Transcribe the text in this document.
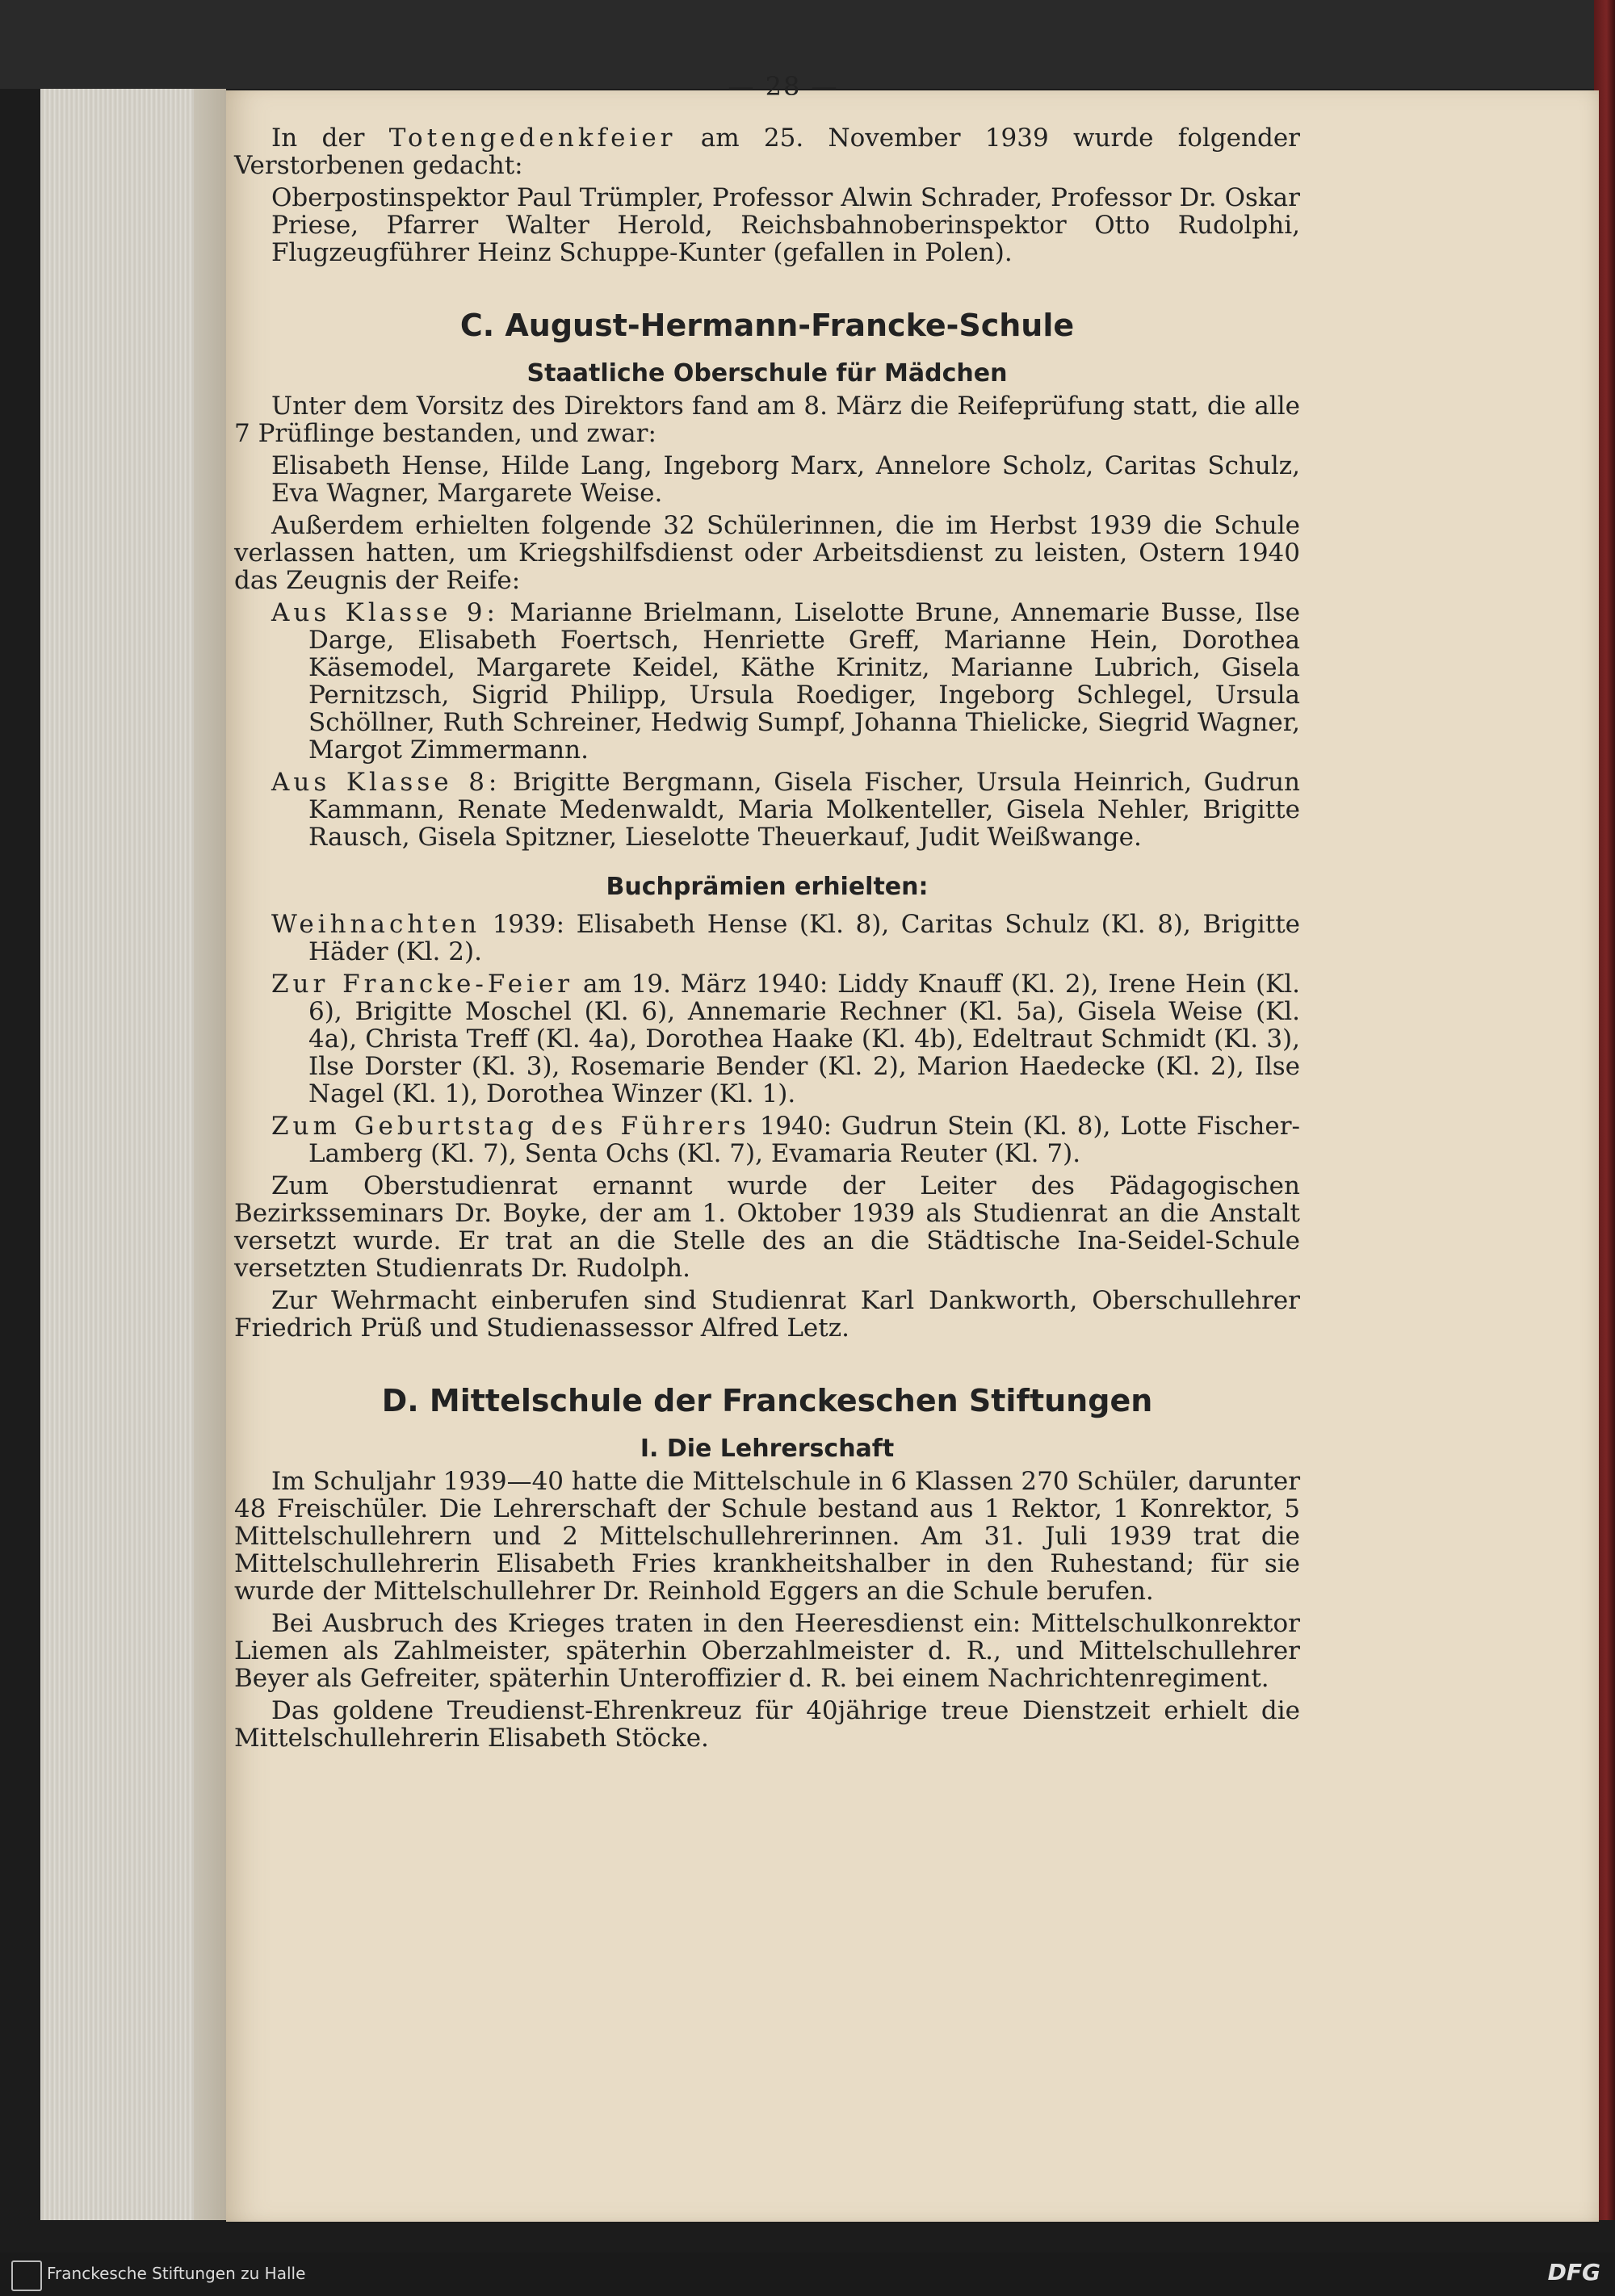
— 28 —

In der Totengedenkfeier am 25. November 1939 wurde folgender Verstorbenen gedacht:

Oberpostinspektor Paul Trümpler, Professor Alwin Schrader, Professor Dr. Oskar Priese, Pfarrer Walter Herold, Reichsbahnoberinspektor Otto Rudolphi, Flugzeugführer Heinz Schuppe-Kunter (gefallen in Polen).

C. August-Hermann-Francke-Schule
Staatliche Oberschule für Mädchen

Unter dem Vorsitz des Direktors fand am 8. März die Reifeprüfung statt, die alle 7 Prüflinge bestanden, und zwar:

Elisabeth Hense, Hilde Lang, Ingeborg Marx, Annelore Scholz, Caritas Schulz, Eva Wagner, Margarete Weise.

Außerdem erhielten folgende 32 Schülerinnen, die im Herbst 1939 die Schule verlassen hatten, um Kriegshilfsdienst oder Arbeitsdienst zu leisten, Ostern 1940 das Zeugnis der Reife:

Aus Klasse 9: Marianne Brielmann, Liselotte Brune, Annemarie Busse, Ilse Darge, Elisabeth Foertsch, Henriette Greff, Marianne Hein, Dorothea Käsemodel, Margarete Keidel, Käthe Krinitz, Marianne Lubrich, Gisela Pernitzsch, Sigrid Philipp, Ursula Roediger, Ingeborg Schlegel, Ursula Schöllner, Ruth Schreiner, Hedwig Sumpf, Johanna Thielicke, Siegrid Wagner, Margot Zimmermann.

Aus Klasse 8: Brigitte Bergmann, Gisela Fischer, Ursula Heinrich, Gudrun Kammann, Renate Medenwaldt, Maria Molkenteller, Gisela Nehler, Brigitte Rausch, Gisela Spitzner, Lieselotte Theuerkauf, Judit Weißwange.

Buchprämien erhielten:

Weihnachten 1939: Elisabeth Hense (Kl. 8), Caritas Schulz (Kl. 8), Brigitte Häder (Kl. 2).

Zur Francke-Feier am 19. März 1940: Liddy Knauff (Kl. 2), Irene Hein (Kl. 6), Brigitte Moschel (Kl. 6), Annemarie Rechner (Kl. 5a), Gisela Weise (Kl. 4a), Christa Treff (Kl. 4a), Dorothea Haake (Kl. 4b), Edeltraut Schmidt (Kl. 3), Ilse Dorster (Kl. 3), Rosemarie Bender (Kl. 2), Marion Haedecke (Kl. 2), Ilse Nagel (Kl. 1), Dorothea Winzer (Kl. 1).

Zum Geburtstag des Führers 1940: Gudrun Stein (Kl. 8), Lotte Fischer-Lamberg (Kl. 7), Senta Ochs (Kl. 7), Evamaria Reuter (Kl. 7).

Zum Oberstudienrat ernannt wurde der Leiter des Pädagogischen Bezirksseminars Dr. Boyke, der am 1. Oktober 1939 als Studienrat an die Anstalt versetzt wurde. Er trat an die Stelle des an die Städtische Ina-Seidel-Schule versetzten Studienrats Dr. Rudolph.

Zur Wehrmacht einberufen sind Studienrat Karl Dankworth, Oberschullehrer Friedrich Prüß und Studienassessor Alfred Letz.

D. Mittelschule der Franckeschen Stiftungen
I. Die Lehrerschaft

Im Schuljahr 1939—40 hatte die Mittelschule in 6 Klassen 270 Schüler, darunter 48 Freischüler. Die Lehrerschaft der Schule bestand aus 1 Rektor, 1 Konrektor, 5 Mittelschullehrern und 2 Mittelschullehrerinnen. Am 31. Juli 1939 trat die Mittelschullehrerin Elisabeth Fries krankheitshalber in den Ruhestand; für sie wurde der Mittelschullehrer Dr. Reinhold Eggers an die Schule berufen.

Bei Ausbruch des Krieges traten in den Heeresdienst ein: Mittelschulkonrektor Liemen als Zahlmeister, späterhin Oberzahlmeister d. R., und Mittelschullehrer Beyer als Gefreiter, späterhin Unteroffizier d. R. bei einem Nachrichtenregiment.

Das goldene Treudienst-Ehrenkreuz für 40jährige treue Dienstzeit erhielt die Mittelschullehrerin Elisabeth Stöcke.

Franckesche Stiftungen zu Halle	DFG
